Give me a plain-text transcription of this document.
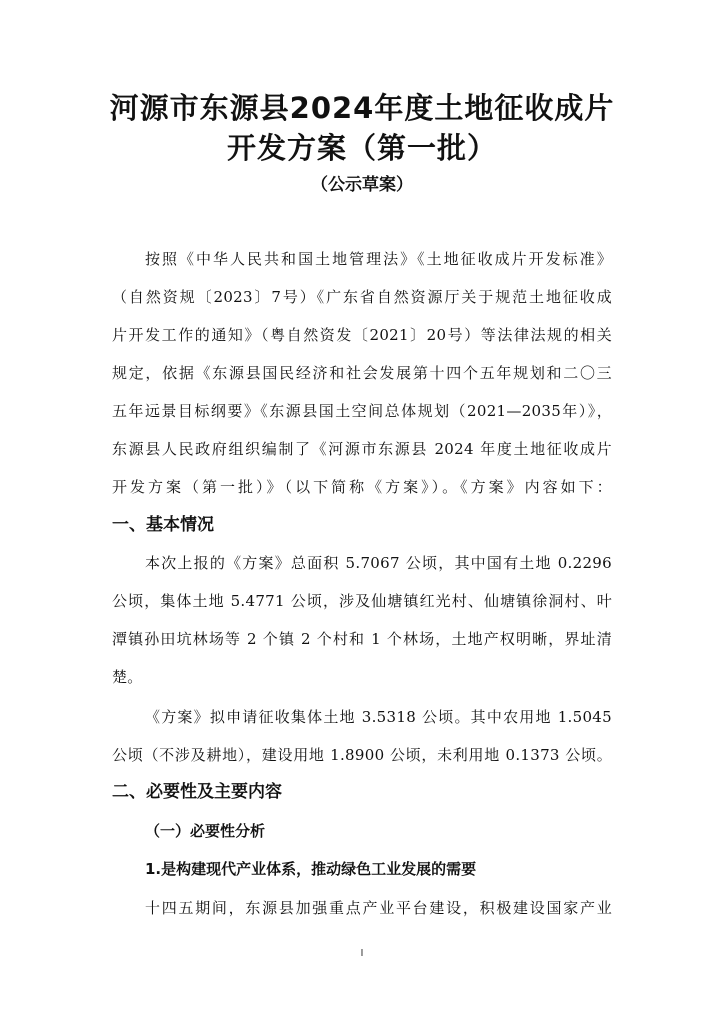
河源市东源县2024年度土地征收成片
开发方案（第一批）
（公示草案）
按照《中华人民共和国土地管理法》《土地征收成片开发标准》
（自然资规〔2023〕7号）《广东省自然资源厅关于规范土地征收成
片开发工作的通知》（粤自然资发〔2021〕20号）等法律法规的相关
规定，依据《东源县国民经济和社会发展第十四个五年规划和二〇三
五年远景目标纲要》《东源县国土空间总体规划（2021—2035年）》，
东源县人民政府组织编制了《河源市东源县 2024 年度土地征收成片
开发方案（第一批）》（以下简称《方案》）。《方案》内容如下：
一、基本情况
本次上报的《方案》总面积 5.7067 公顷，其中国有土地 0.2296
公顷，集体土地 5.4771 公顷，涉及仙塘镇红光村、仙塘镇徐洞村、叶
潭镇孙田坑林场等 2 个镇 2 个村和 1 个林场，土地产权明晰，界址清
楚。
《方案》拟申请征收集体土地 3.5318 公顷。其中农用地 1.5045
公顷（不涉及耕地），建设用地 1.8900 公顷，未利用地 0.1373 公顷。
二、必要性及主要内容
（一）必要性分析
1.是构建现代产业体系，推动绿色工业发展的需要
十四五期间，东源县加强重点产业平台建设，积极建设国家产业
I
